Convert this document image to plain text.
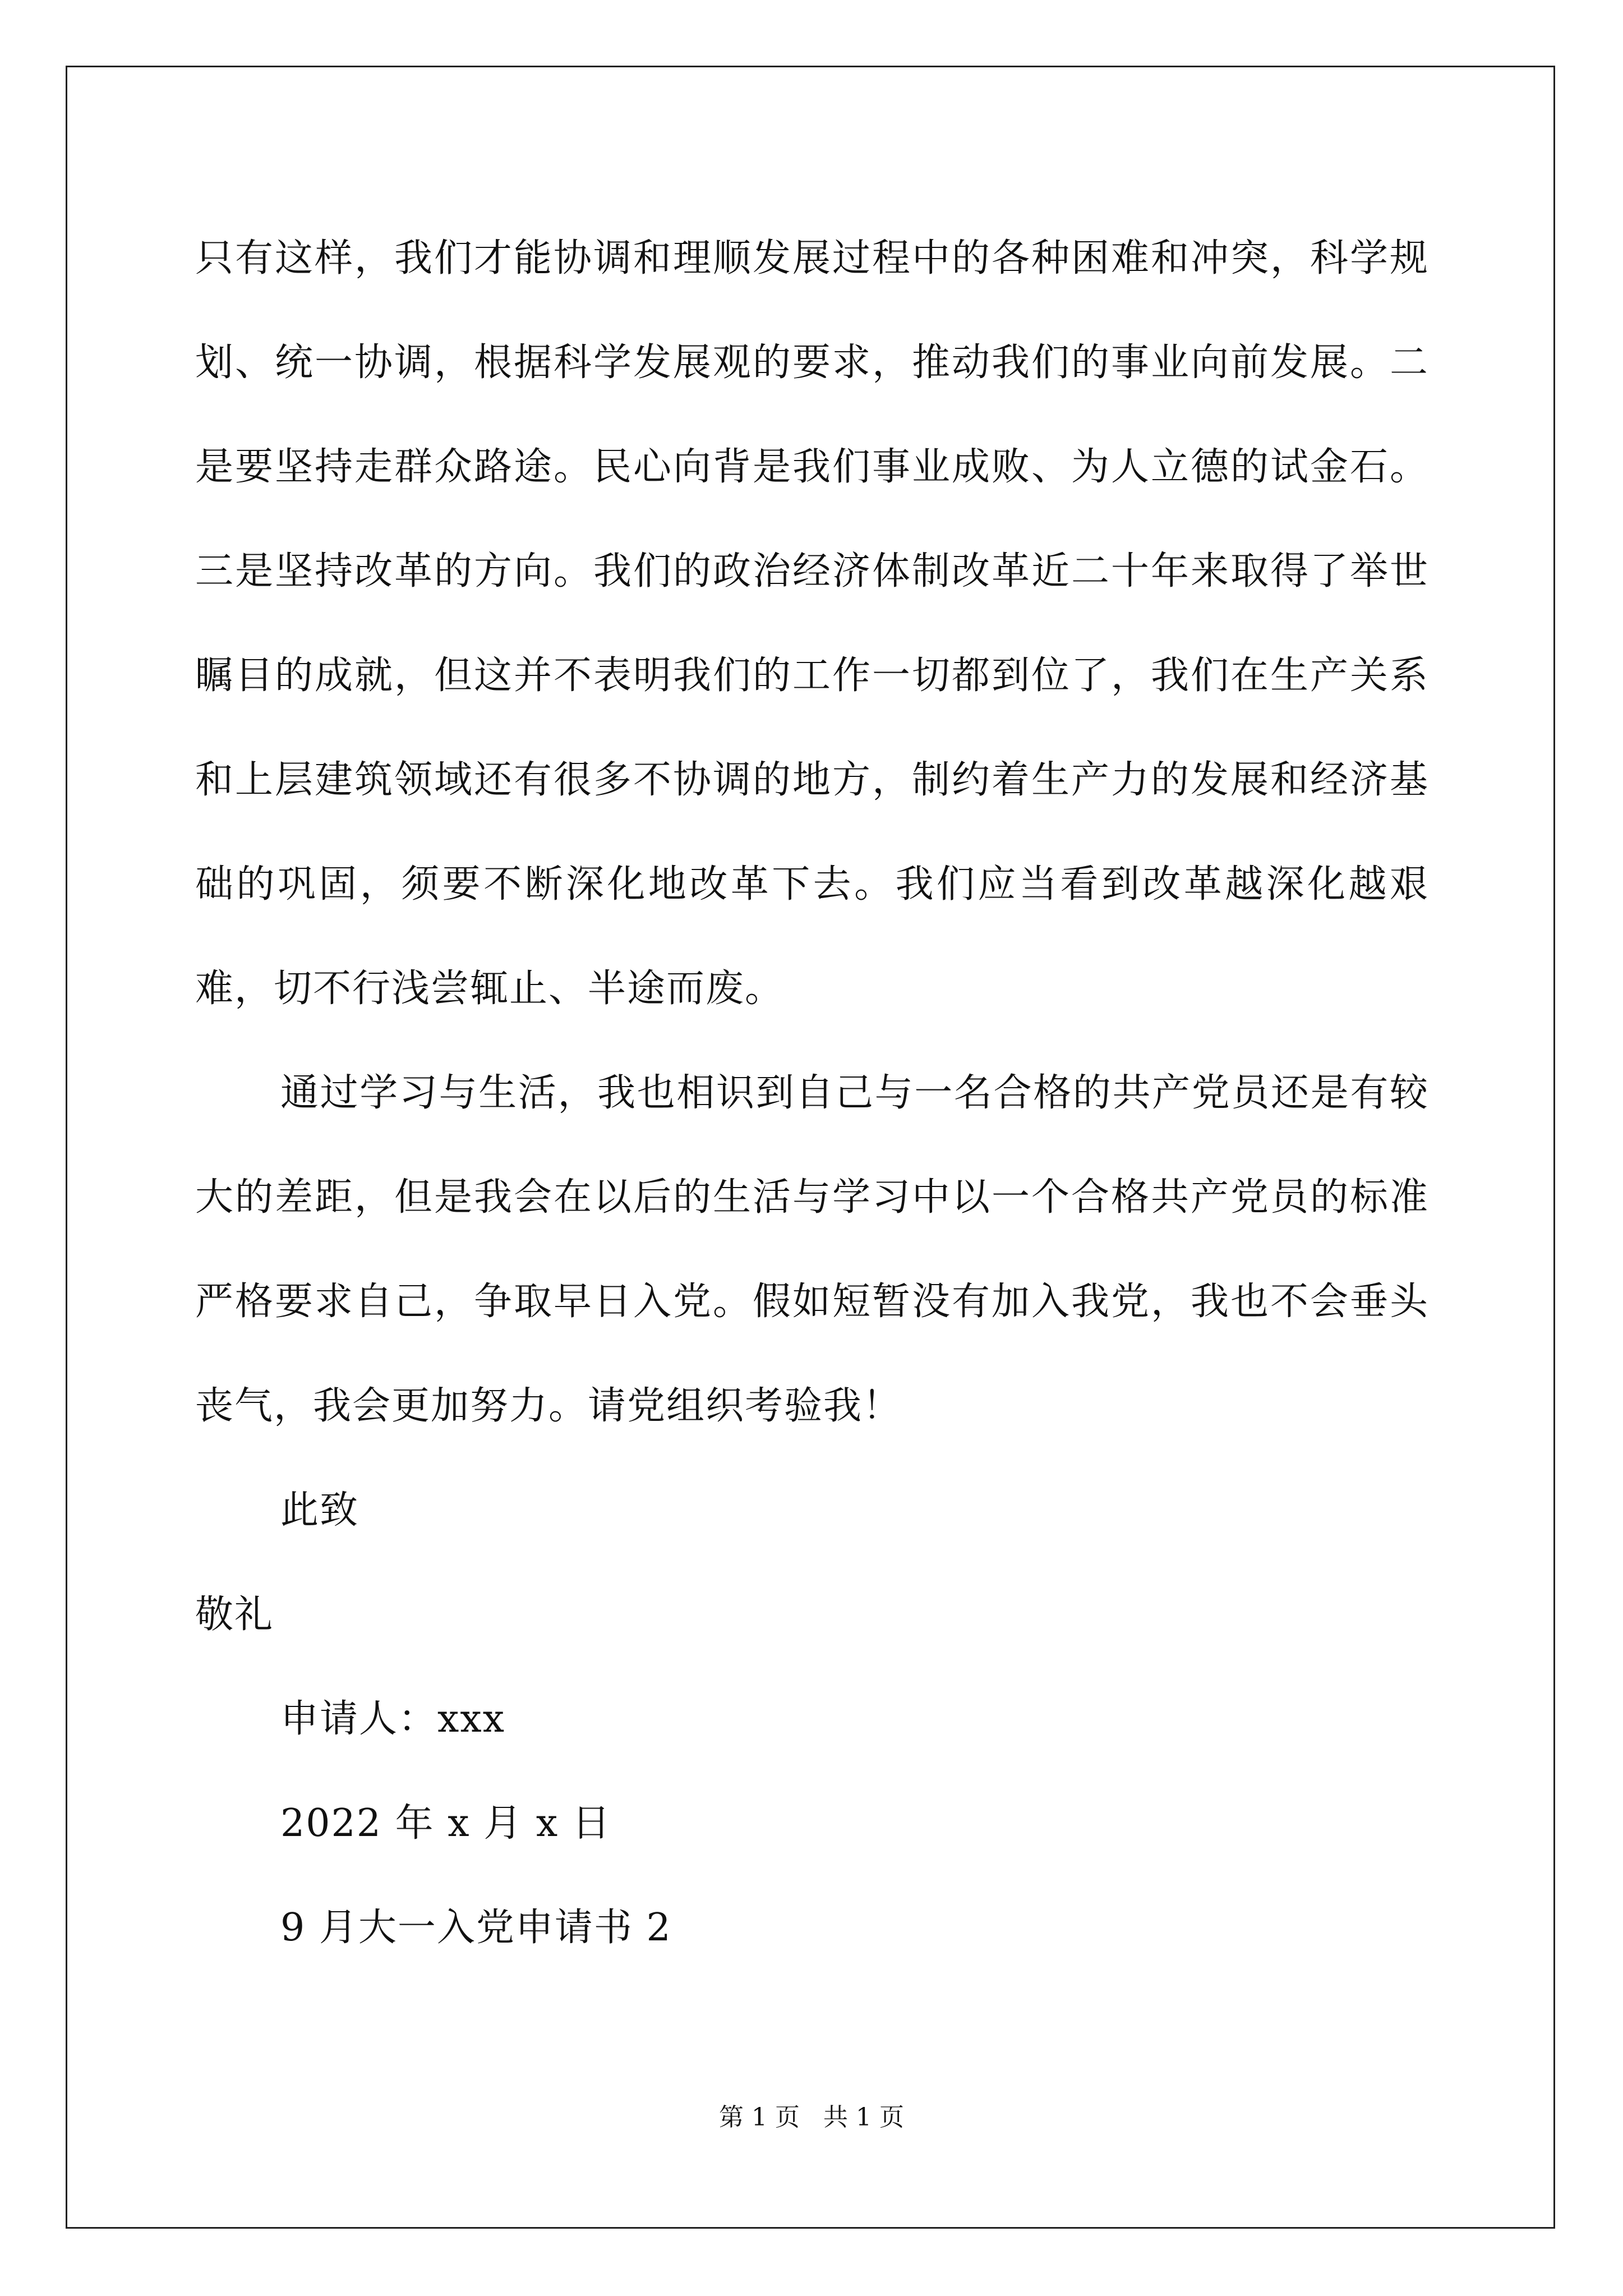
只有这样，我们才能协调和理顺发展过程中的各种困难和冲突，科学规划、统一协调，根据科学发展观的要求，推动我们的事业向前发展。二是要坚持走群众路途。民心向背是我们事业成败、为人立德的试金石。三是坚持改革的方向。我们的政治经济体制改革近二十年来取得了举世瞩目的成就，但这并不表明我们的工作一切都到位了，我们在生产关系和上层建筑领域还有很多不协调的地方，制约着生产力的发展和经济基础的巩固，须要不断深化地改革下去。我们应当看到改革越深化越艰难，切不行浅尝辄止、半途而废。

通过学习与生活，我也相识到自己与一名合格的共产党员还是有较大的差距，但是我会在以后的生活与学习中以一个合格共产党员的标准严格要求自己，争取早日入党。假如短暂没有加入我党，我也不会垂头丧气，我会更加努力。请党组织考验我！

此致

敬礼

申请人：xxx

2022 年 x 月 x 日

9 月大一入党申请书 2

第 1 页   共 1 页
